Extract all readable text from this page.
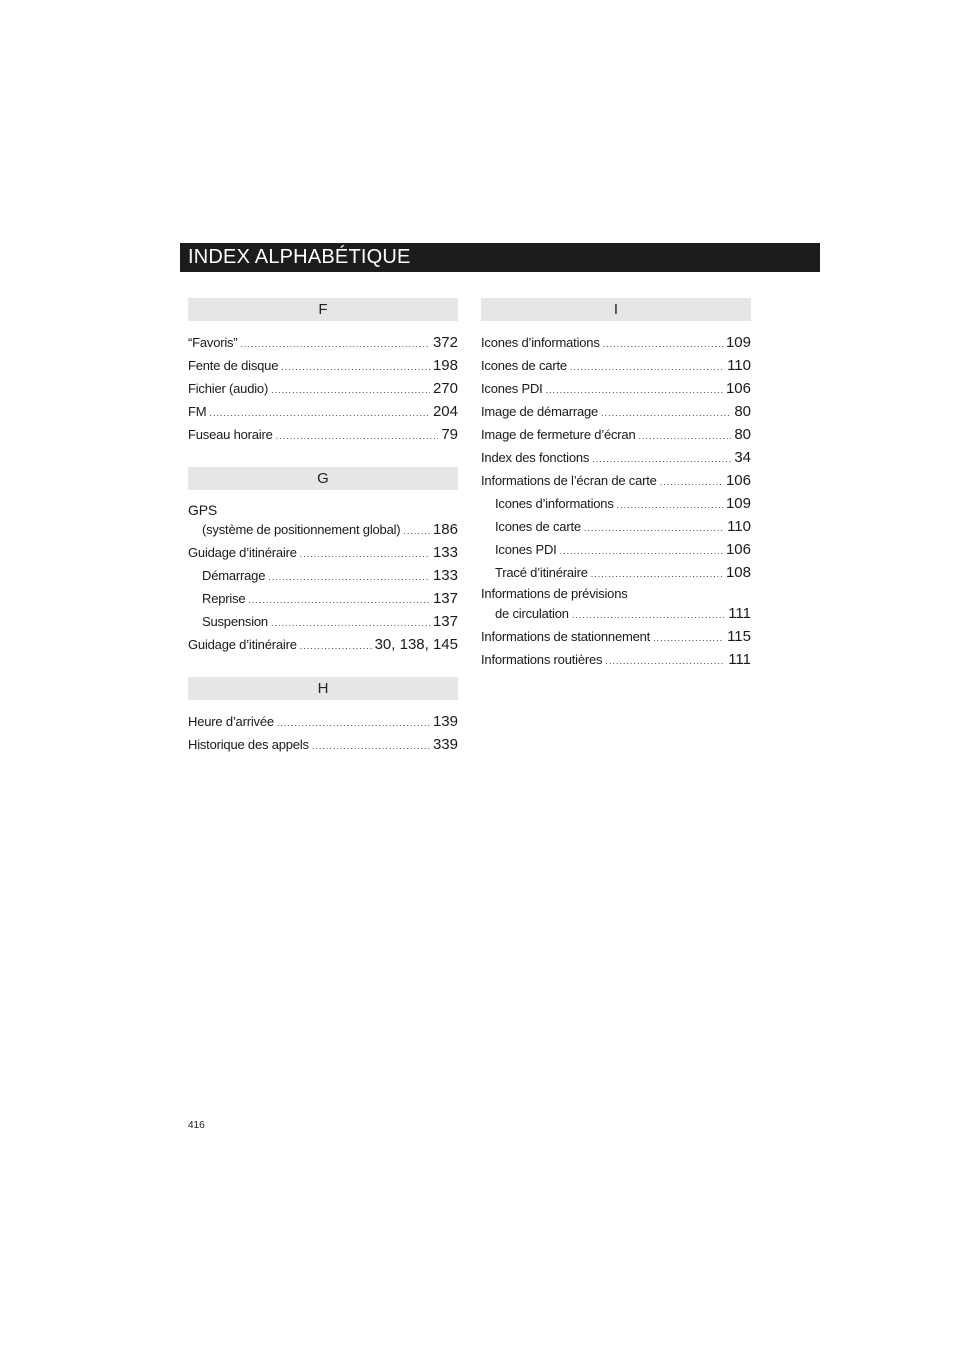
INDEX ALPHABÉTIQUE
F
“Favoris” .....	372
Fente de disque .....	198
Fichier (audio) .....	270
FM .....	204
Fuseau horaire .....	79
G
GPS
(système de positionnement global) ..... 186
Guidage d’itinéraire .....	133
Démarrage .....	133
Reprise .....	137
Suspension .....	137
Guidage d’itinéraire .....	30, 138, 145
H
Heure d’arrivée .....	139
Historique des appels .....	339
I
Icones d’informations .....	109
Icones de carte .....	110
Icones PDI .....	106
Image de démarrage .....	80
Image de fermeture d’écran .....	80
Index des fonctions .....	34
Informations de l’écran de carte .....	106
Icones d’informations .....	109
Icones de carte .....	110
Icones PDI .....	106
Tracé d’itinéraire .....	108
Informations de prévisions
de circulation .....	111
Informations de stationnement .....	115
Informations routières .....	111
416
